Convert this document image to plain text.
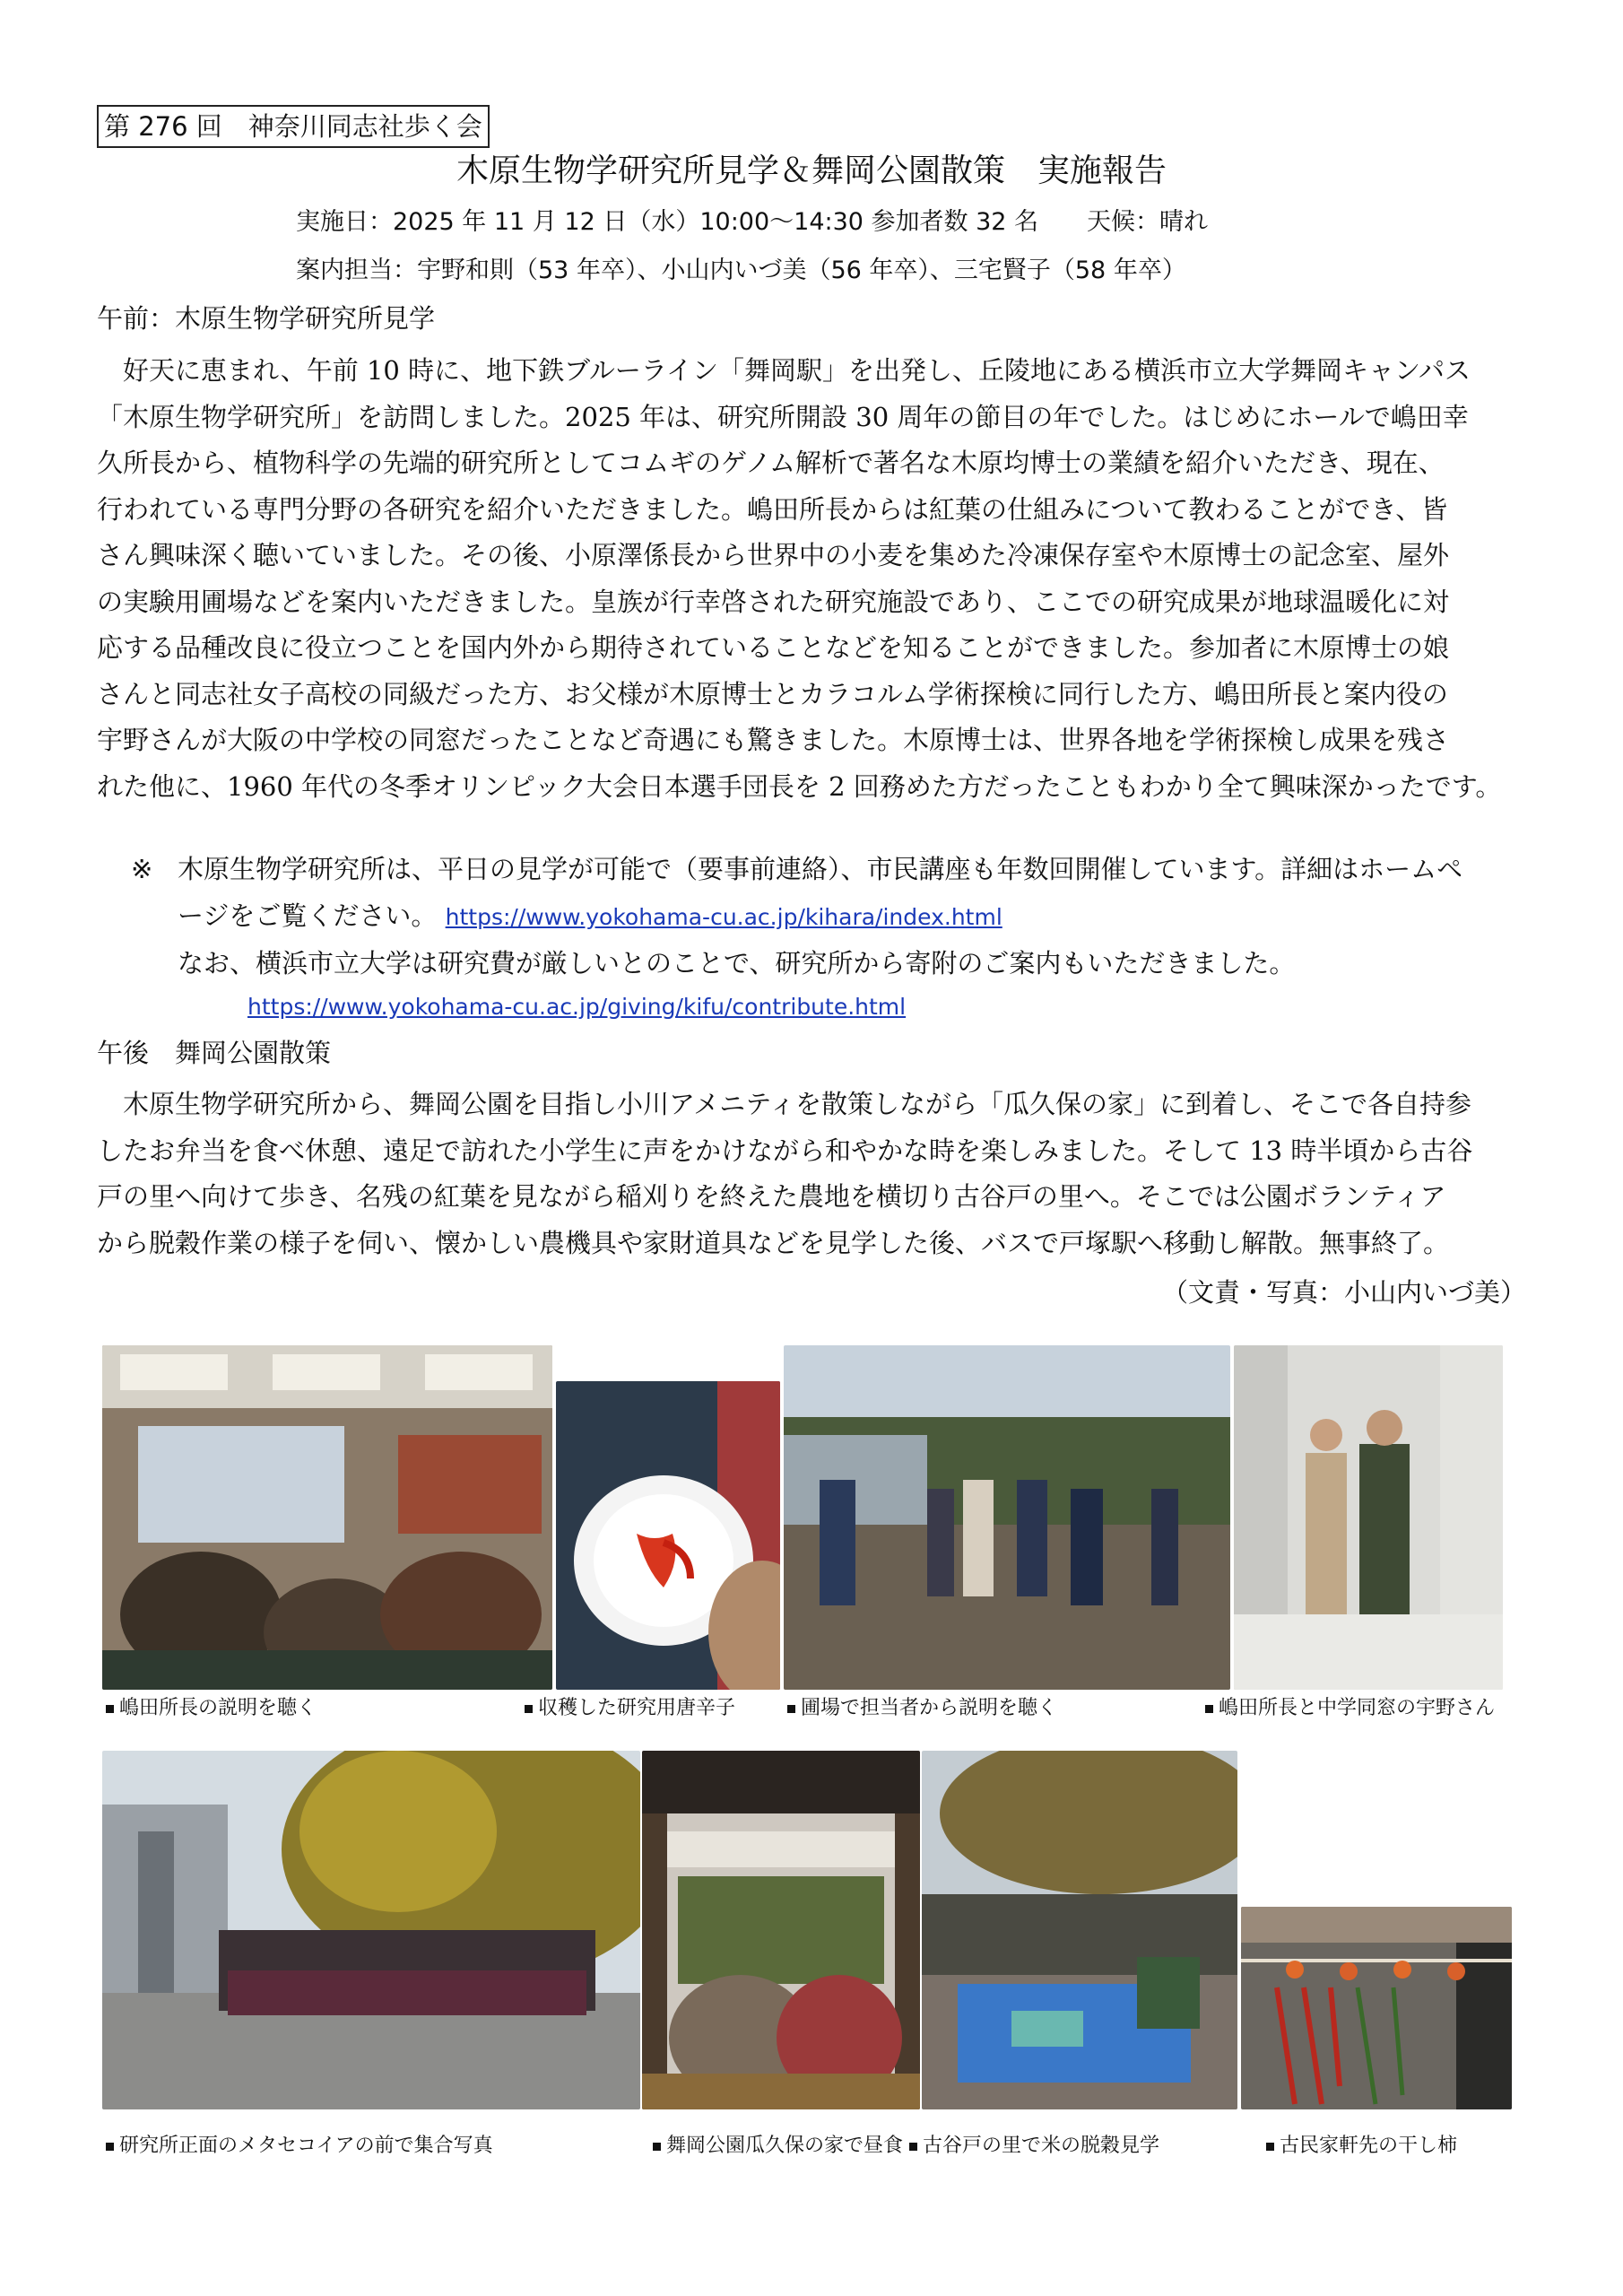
第 276 回　神奈川同志社歩く会
木原生物学研究所見学＆舞岡公園散策　実施報告
実施日：2025 年 11 月 12 日（水）10:00〜14:30 参加者数 32 名　　天候：晴れ
案内担当：宇野和則（53 年卒）、小山内いづ美（56 年卒）、三宅賢子（58 年卒）
午前：木原生物学研究所見学
　好天に恵まれ、午前 10 時に、地下鉄ブルーライン「舞岡駅」を出発し、丘陵地にある横浜市立大学舞岡キャンパス
「木原生物学研究所」を訪問しました。2025 年は、研究所開設 30 周年の節目の年でした。はじめにホールで嶋田幸
久所長から、植物科学の先端的研究所としてコムギのゲノム解析で著名な木原均博士の業績を紹介いただき、現在、
行われている専門分野の各研究を紹介いただきました。嶋田所長からは紅葉の仕組みについて教わることができ、皆
さん興味深く聴いていました。その後、小原澤係長から世界中の小麦を集めた冷凍保存室や木原博士の記念室、屋外
の実験用圃場などを案内いただきました。皇族が行幸啓された研究施設であり、ここでの研究成果が地球温暖化に対
応する品種改良に役立つことを国内外から期待されていることなどを知ることができました。参加者に木原博士の娘
さんと同志社女子高校の同級だった方、お父様が木原博士とカラコルム学術探検に同行した方、嶋田所長と案内役の
宇野さんが大阪の中学校の同窓だったことなど奇遇にも驚きました。木原博士は、世界各地を学術探検し成果を残さ
れた他に、1960 年代の冬季オリンピック大会日本選手団長を 2 回務めた方だったこともわかり全て興味深かったです。
※ 木原生物学研究所は、平日の見学が可能で（要事前連絡）、市民講座も年数回開催しています。詳細はホームペ
ージをご覧ください。 https://www.yokohama-cu.ac.jp/kihara/index.html
なお、横浜市立大学は研究費が厳しいとのことで、研究所から寄附のご案内もいただきました。
https://www.yokohama-cu.ac.jp/giving/kifu/contribute.html
午後　舞岡公園散策
　木原生物学研究所から、舞岡公園を目指し小川アメニティを散策しながら「瓜久保の家」に到着し、そこで各自持参
したお弁当を食べ休憩、遠足で訪れた小学生に声をかけながら和やかな時を楽しみました。そして 13 時半頃から古谷
戸の里へ向けて歩き、名残の紅葉を見ながら稲刈りを終えた農地を横切り古谷戸の里へ。そこでは公園ボランティア
から脱穀作業の様子を伺い、懐かしい農機具や家財道具などを見学した後、バスで戸塚駅へ移動し解散。無事終了。
（文責・写真：小山内いづ美）
嶋田所長の説明を聴く	収穫した研究用唐辛子	圃場で担当者から説明を聴く	嶋田所長と中学同窓の宇野さん
研究所正面のメタセコイアの前で集合写真	舞岡公園瓜久保の家で昼食 古谷戸の里で米の脱穀見学	古民家軒先の干し柿
